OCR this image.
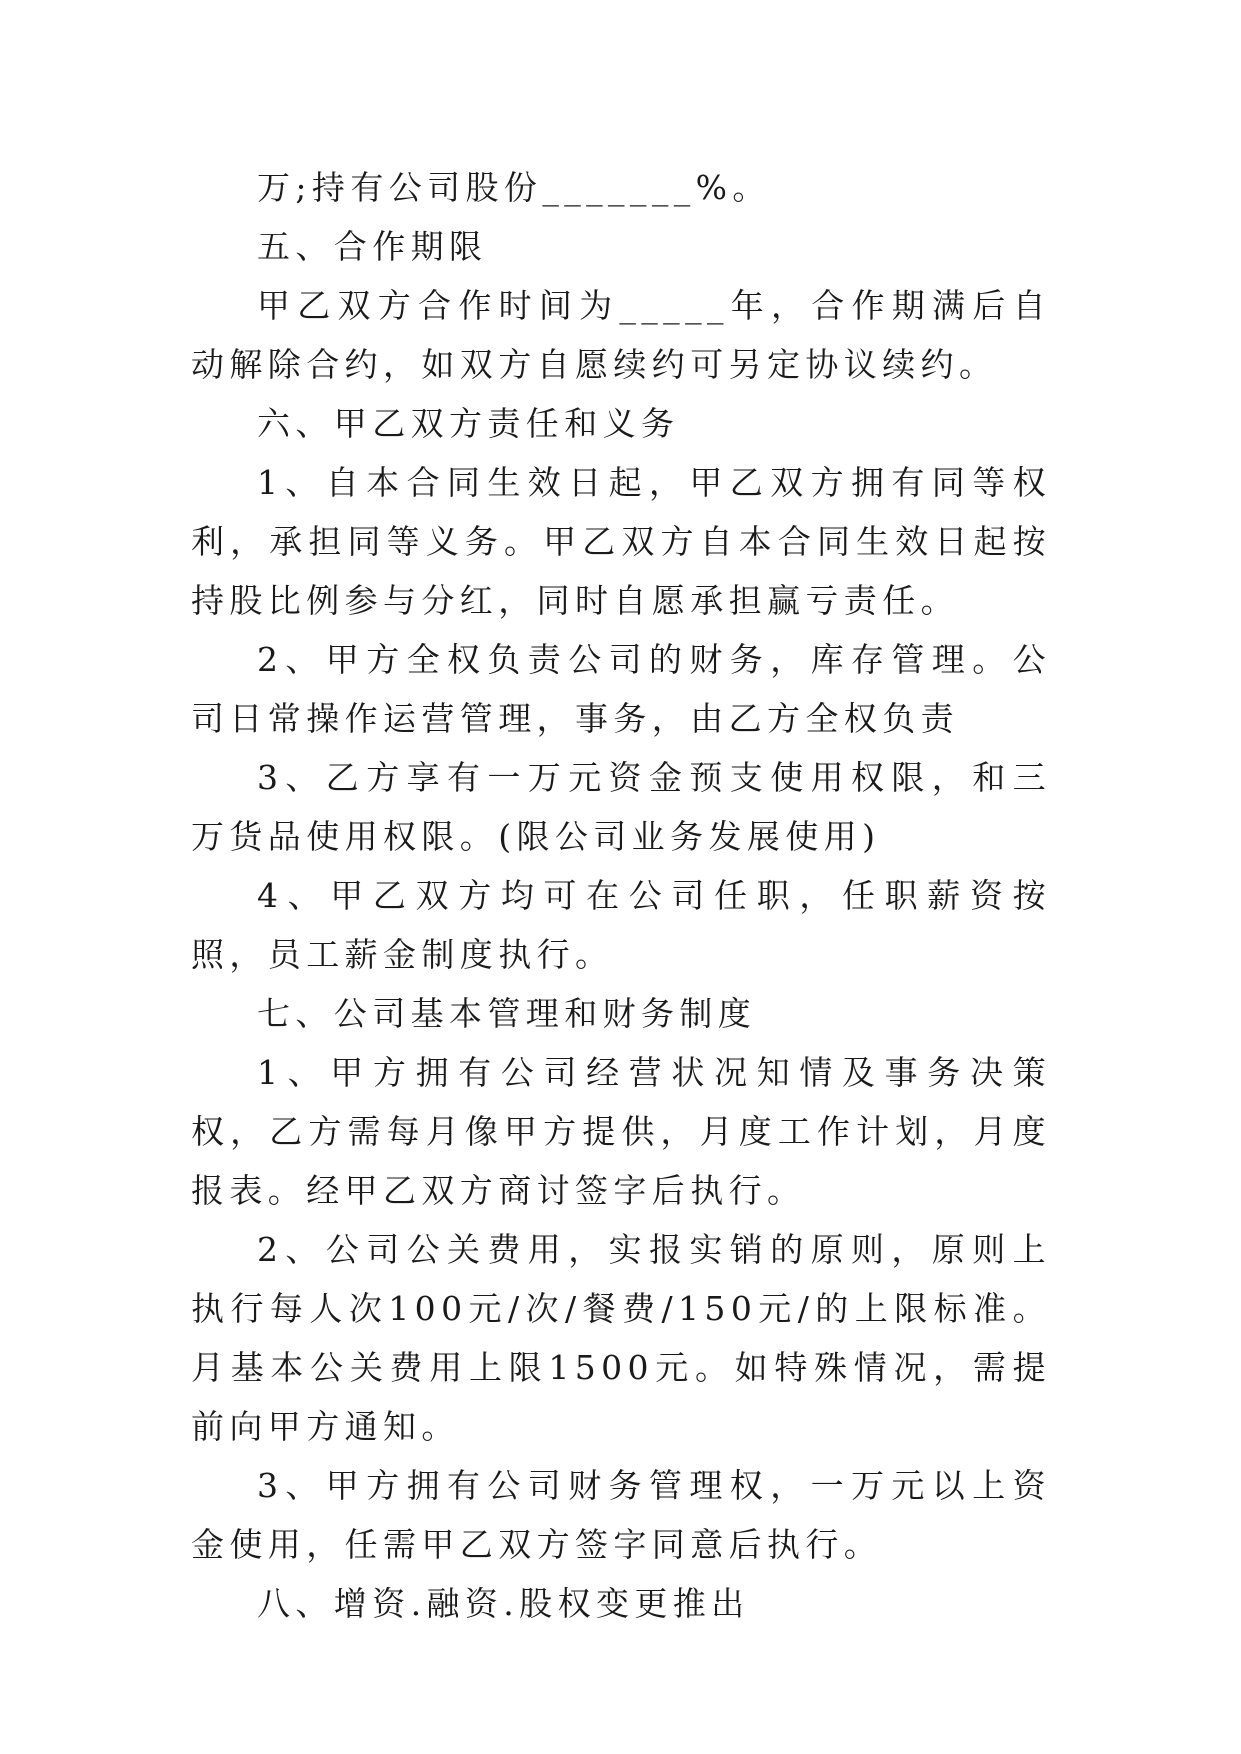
万;持有公司股份_______%。

五、合作期限

甲乙双方合作时间为_____年，合作期满后自动解除合约，如双方自愿续约可另定协议续约。

六、甲乙双方责任和义务

1、自本合同生效日起，甲乙双方拥有同等权利，承担同等义务。甲乙双方自本合同生效日起按持股比例参与分红，同时自愿承担赢亏责任。

2、甲方全权负责公司的财务，库存管理。公司日常操作运营管理，事务，由乙方全权负责

3、乙方享有一万元资金预支使用权限，和三万货品使用权限。(限公司业务发展使用)

4、甲乙双方均可在公司任职，任职薪资按照，员工薪金制度执行。

七、公司基本管理和财务制度

1、甲方拥有公司经营状况知情及事务决策权，乙方需每月像甲方提供，月度工作计划，月度报表。经甲乙双方商讨签字后执行。

2、公司公关费用，实报实销的原则，原则上执行每人次100元/次/餐费/150元/的上限标准。月基本公关费用上限1500元。如特殊情况，需提前向甲方通知。

3、甲方拥有公司财务管理权，一万元以上资金使用，任需甲乙双方签字同意后执行。

八、增资.融资.股权变更推出
